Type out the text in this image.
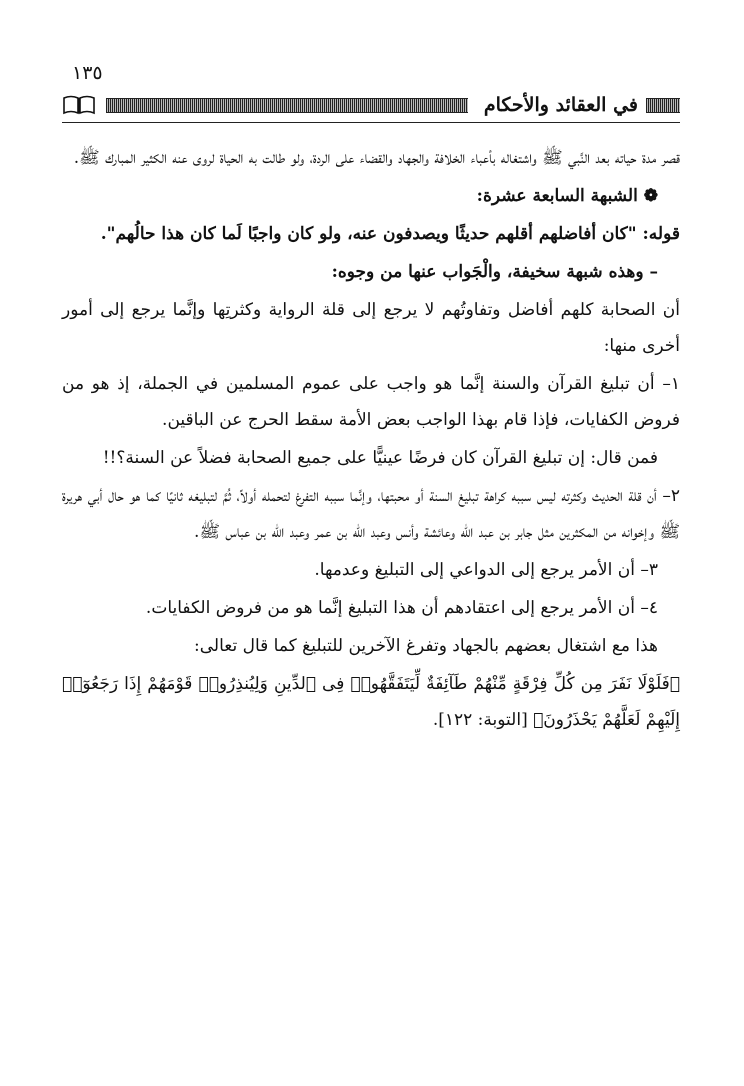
١٣٥
في العقائد والأحكام

قصر مدة حياته بعد النَّبي ﷺ واشتغاله بأعباء الخلافة والجهاد والقضاء على الردة، ولو طالت به الحياة لروى عنه الكثير المبارك ﷺ.

❁ الشبهة السابعة عشرة:

قوله: "كان أفاضلهم أقلهم حديثًا ويصدفون عنه، ولو كان واجبًا لَما كان هذا حالُهم".

– وهذه شبهة سخيفة، والْجَواب عنها من وجوه:

أن الصحابة كلهم أفاضل وتفاوتُهم لا يرجع إلى قلة الرواية وكثرتِها وإنَّما يرجع إلى أمور أخرى منها:

١– أن تبليغ القرآن والسنة إنَّما هو واجب على عموم المسلمين في الجملة، إذ هو من فروض الكفايات، فإذا قام بهذا الواجب بعض الأمة سقط الحرج عن الباقين.

فمن قال: إن تبليغ القرآن كان فرضًا عينيًّا على جميع الصحابة فضلاً عن السنة؟!!

٢– أن قلة الحديث وكثرته ليس سببه كراهة تبليغ السنة أو محبتها، وإنَّما سببه التفرغ لتحمله أولاً، ثُمَّ لتبليغه ثانيًا كما هو حال أبي هريرة ﷺ وإخوانه من المكثرين مثل جابر بن عبد الله وعائشة وأنس وعبد الله بن عمر وعبد الله بن عباس ﷺ.

٣– أن الأمر يرجع إلى الدواعي إلى التبليغ وعدمها.

٤– أن الأمر يرجع إلى اعتقادهم أن هذا التبليغ إنَّما هو من فروض الكفايات.

هذا مع اشتغال بعضهم بالجهاد وتفرغ الآخرين للتبليغ كما قال تعالى:

﴿فَلَوْلَا نَفَرَ مِن كُلِّ فِرْقَةٍ مِّنْهُمْ طَآئِفَةٌ لِّيَتَفَقَّهُوا۟ فِى ٱلدِّينِ وَلِيُنذِرُوا۟ قَوْمَهُمْ إِذَا رَجَعُوٓا۟ إِلَيْهِمْ لَعَلَّهُمْ يَحْذَرُونَ﴾ [التوبة: ١٢٢].
